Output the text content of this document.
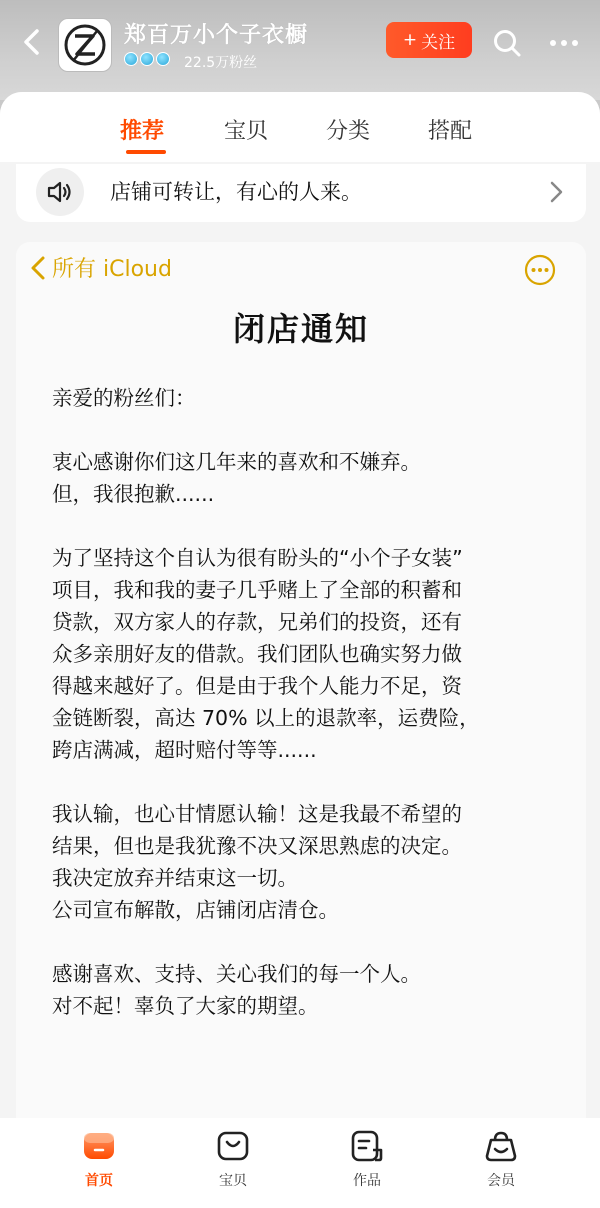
郑百万小个子衣橱
22.5万粉丝
+ 关注
推荐	宝贝	分类	搭配
店铺可转让，有心的人来。
所有 iCloud
闭店通知

亲爱的粉丝们：

衷心感谢你们这几年来的喜欢和不嫌弃。

但，我很抱歉......

为了坚持这个自认为很有盼头的“小个子女装”

项目，我和我的妻子几乎赌上了全部的积蓄和

贷款，双方家人的存款，兄弟们的投资，还有

众多亲朋好友的借款。我们团队也确实努力做

得越来越好了。但是由于我个人能力不足，资

金链断裂，高达 70% 以上的退款率，运费险，

跨店满减，超时赔付等等......

我认输，也心甘情愿认输！这是我最不希望的

结果，但也是我犹豫不决又深思熟虑的决定。

我决定放弃并结束这一切。

公司宣布解散，店铺闭店清仓。

感谢喜欢、支持、关心我们的每一个人。

对不起！辜负了大家的期望。

首页	宝贝	作品	会员
